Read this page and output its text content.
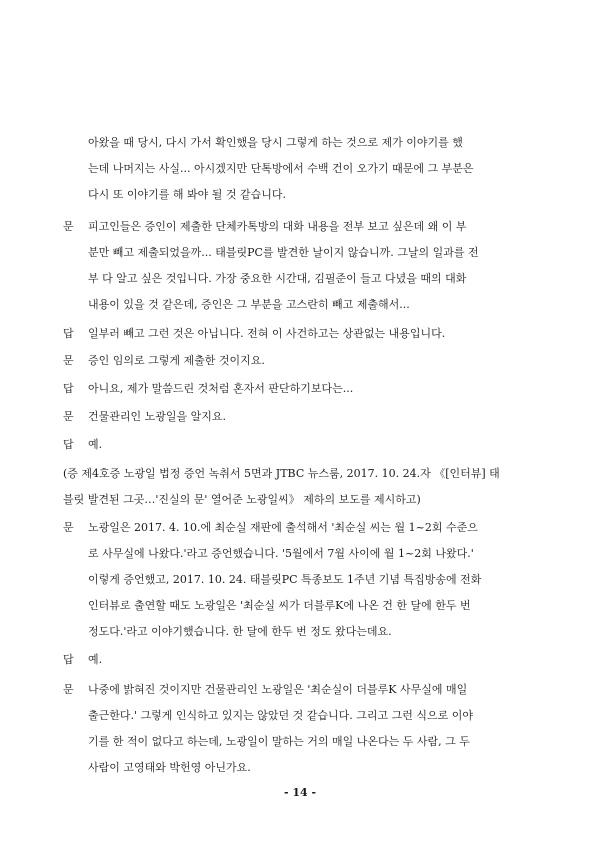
아왔을 때 당시, 다시 가서 확인했을 당시 그렇게 하는 것으로 제가 이야기를 했
는데 나머지는 사실... 아시겠지만 단톡방에서 수백 건이 오가기 때문에 그 부분은
다시 또 이야기를 해 봐야 될 것 같습니다.
문 피고인들은 증인이 제출한 단체카톡방의 대화 내용을 전부 보고 싶은데 왜 이 부
분만 빼고 제출되었을까... 태블릿PC를 발견한 날이지 않습니까. 그날의 일과를 전
부 다 알고 싶은 것입니다. 가장 중요한 시간대, 김필준이 들고 다녔을 때의 대화
내용이 있을 것 같은데, 증인은 그 부분을 고스란히 빼고 제출해서...
답 일부러 빼고 그런 것은 아닙니다. 전혀 이 사건하고는 상관없는 내용입니다.
문 증인 임의로 그렇게 제출한 것이지요.
답 아니요, 제가 말씀드린 것처럼 혼자서 판단하기보다는...
문 건물관리인 노광일을 알지요.
답 예.
(증 제4호증 노광일 법정 증언 녹취서 5면과 JTBC 뉴스룸, 2017. 10. 24.자 《[인터뷰] 태
블릿 발견된 그곳…'진실의 문' 열어준 노광일씨》 제하의 보도를 제시하고)
문 노광일은 2017. 4. 10.에 최순실 재판에 출석해서 '최순실 씨는 월 1~2회 수준으
로 사무실에 나왔다.'라고 증언했습니다. '5월에서 7월 사이에 월 1~2회 나왔다.'
이렇게 증언했고, 2017. 10. 24. 태블릿PC 특종보도 1주년 기념 특집방송에 전화
인터뷰로 출연할 때도 노광일은 '최순실 씨가 더블루K에 나온 건 한 달에 한두 번
정도다.'라고 이야기했습니다. 한 달에 한두 번 정도 왔다는데요.
답 예.
문 나중에 밝혀진 것이지만 건물관리인 노광일은 '최순실이 더블루K 사무실에 매일
출근한다.' 그렇게 인식하고 있지는 않았던 것 같습니다. 그리고 그런 식으로 이야
기를 한 적이 없다고 하는데, 노광일이 말하는 거의 매일 나온다는 두 사람, 그 두
사람이 고영태와 박헌영 아닌가요.
- 14 -
